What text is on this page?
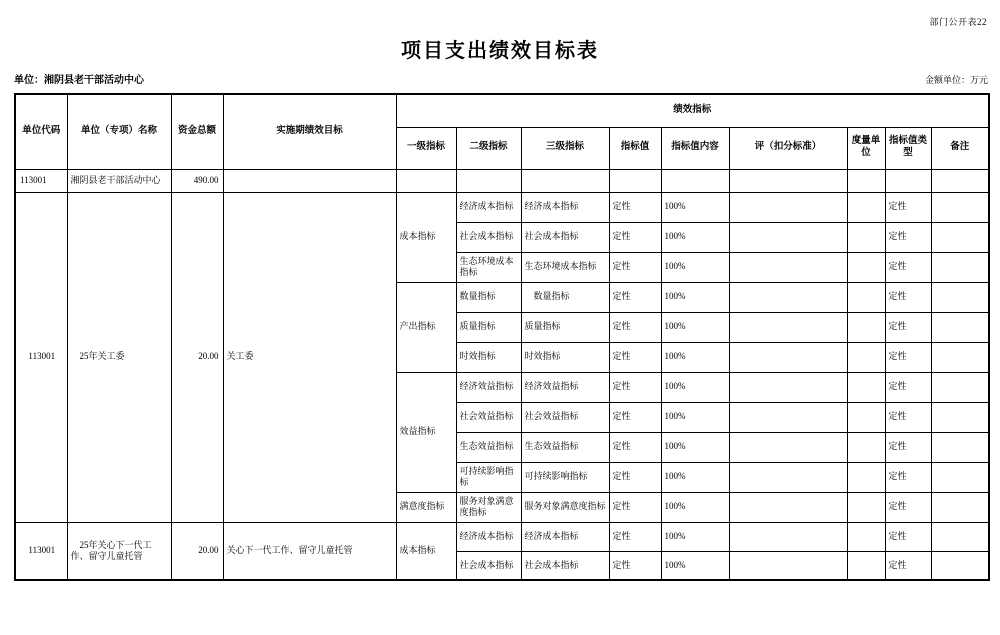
部门公开表22
项目支出绩效目标表
单位：湘阴县老干部活动中心	金额单位：万元
单位代码	单位（专项）名称	资金总额	实施期绩效目标	绩效指标								
				一级指标	二级指标	三级指标	指标值	指标值内容	评（扣分标准）	度量单位	指标值类型	备注
113001	湘阴县老干部活动中心	490.00										
113001	25年关工委	20.00	关工委	成本指标	经济成本指标	经济成本指标	定性	100%			定性	
					社会成本指标	社会成本指标	定性	100%			定性	
					生态环境成本指标	生态环境成本指标	定性	100%			定性	
				产出指标	数量指标	　数量指标	定性	100%			定性	
					质量指标	质量指标	定性	100%			定性	
					时效指标	时效指标	定性	100%			定性	
				效益指标	经济效益指标	经济效益指标	定性	100%			定性	
					社会效益指标	社会效益指标	定性	100%			定性	
					生态效益指标	生态效益指标	定性	100%			定性	
					可持续影响指标	可持续影响指标	定性	100%			定性	
				满意度指标	服务对象满意度指标	服务对象满意度指标	定性	100%			定性	
113001	25年关心下一代工作、留守儿童托管	20.00	关心下一代工作、留守儿童托管	成本指标	经济成本指标	经济成本指标	定性	100%			定性	
					社会成本指标	社会成本指标	定性	100%			定性	
